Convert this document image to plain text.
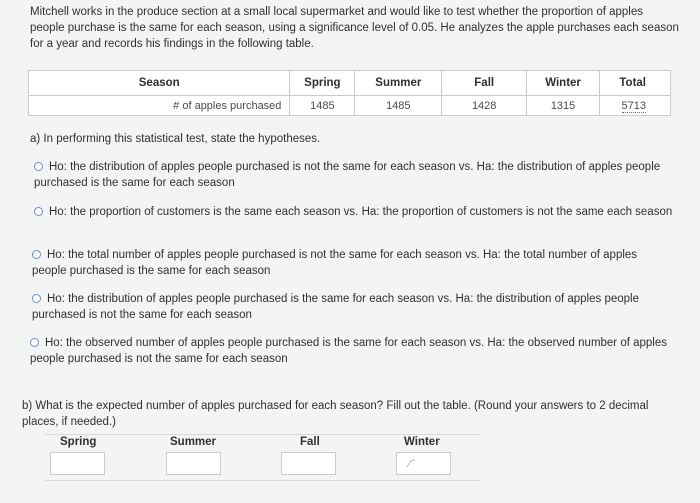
Mitchell works in the produce section at a small local supermarket and would like to test whether the proportion of apples people purchase is the same for each season, using a significance level of 0.05. He analyzes the apple purchases each season for a year and records his findings in the following table.
Season	Spring	Summer	Fall	Winter	Total
# of apples purchased	1485	1485	1428	1315	5713
a) In performing this statistical test, state the hypotheses.
Ho: the distribution of apples people purchased is not the same for each season vs. Ha: the distribution of apples people purchased is the same for each season
Ho: the proportion of customers is the same each season vs. Ha: the proportion of customers is not the same each season
Ho: the total number of apples people purchased is not the same for each season vs. Ha: the total number of apples people purchased is the same for each season
Ho: the distribution of apples people purchased is the same for each season vs. Ha: the distribution of apples people purchased is not the same for each season
Ho: the observed number of apples people purchased is the same for each season vs. Ha: the observed number of apples people purchased is not the same for each season
b) What is the expected number of apples purchased for each season? Fill out the table. (Round your answers to 2 decimal places, if needed.)
Spring	Summer	Fall	Winter
